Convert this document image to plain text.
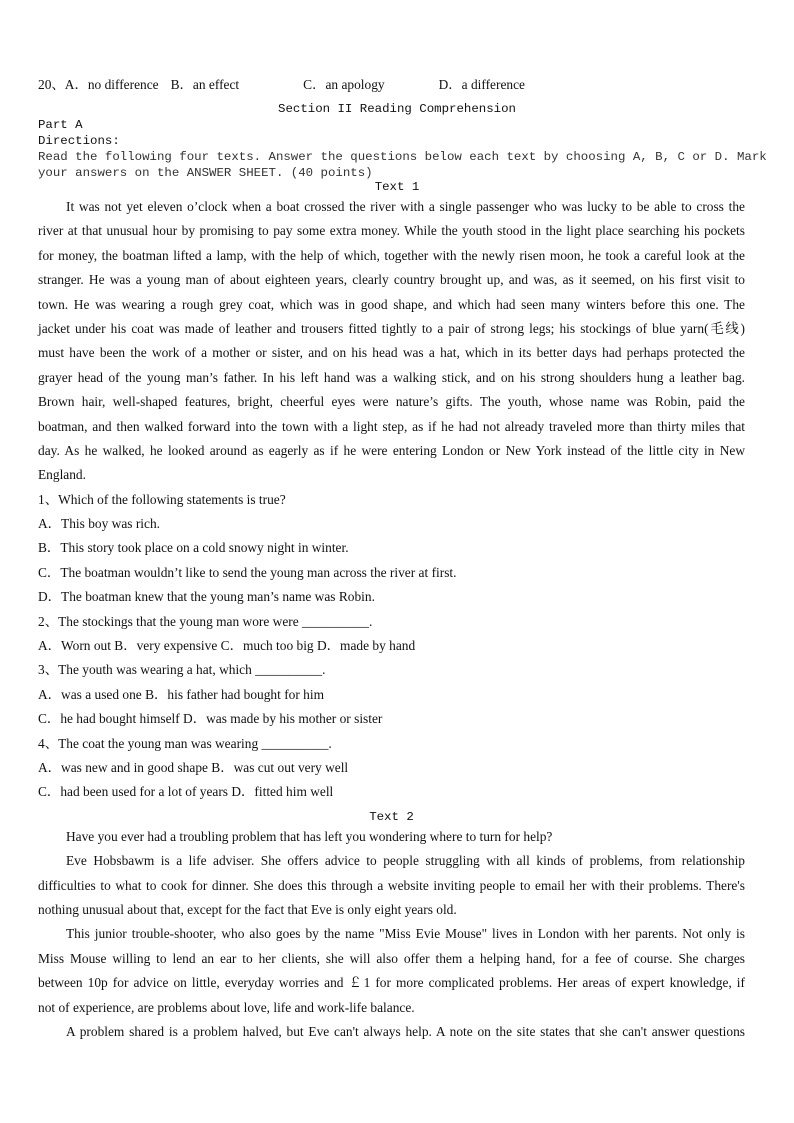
20、A．no difference B．an effect	C．an apology	D．a difference
Section II Reading Comprehension
Part A
Directions:
Read the following four texts. Answer the questions below each text by choosing A, B, C or D. Mark
your answers on the ANSWER SHEET. (40 points)
Text 1
It was not yet eleven o’clock when a boat crossed the river with a single passenger who was lucky to be able to cross the
river at that unusual hour by promising to pay some extra money. While the youth stood in the light place searching his pockets
for money, the boatman lifted a lamp, with the help of which, together with the newly risen moon, he took a careful look at the
stranger. He was a young man of about eighteen years, clearly country brought up, and was, as it seemed, on his first visit to
town. He was wearing a rough grey coat, which was in good shape, and which had seen many winters before this one. The
jacket under his coat was made of leather and trousers fitted tightly to a pair of strong legs; his stockings of blue yarn(毛线)
must have been the work of a mother or sister, and on his head was a hat, which in its better days had perhaps protected the
grayer head of the young man’s father. In his left hand was a walking stick, and on his strong shoulders hung a leather bag.
Brown hair, well-shaped features, bright, cheerful eyes were nature’s gifts. The youth, whose name was Robin, paid the
boatman, and then walked forward into the town with a light step, as if he had not already traveled more than thirty miles that
day. As he walked, he looked around as eagerly as if he were entering London or New York instead of the little city in New
England.
1、Which of the following statements is true?
A．This boy was rich.
B．This story took place on a cold snowy night in winter.
C．The boatman wouldn’t like to send the young man across the river at first.
D．The boatman knew that the young man’s name was Robin.
2、The stockings that the young man wore were __________.
A．Worn out B．very expensive C．much too big D．made by hand
3、The youth was wearing a hat, which __________.
A．was a used one B．his father had bought for him
C．he had bought himself D．was made by his mother or sister
4、The coat the young man was wearing __________.
A．was new and in good shape B．was cut out very well
C．had been used for a lot of years D．fitted him well
Text 2
Have you ever had a troubling problem that has left you wondering where to turn for help?
Eve Hobsbawm is a life adviser. She offers advice to people struggling with all kinds of problems, from relationship
difficulties to what to cook for dinner. She does this through a website inviting people to email her with their problems. There's
nothing unusual about that, except for the fact that Eve is only eight years old.
This junior trouble-shooter, who also goes by the name "Miss Evie Mouse" lives in London with her parents. Not only is
Miss Mouse willing to lend an ear to her clients, she will also offer them a helping hand, for a fee of course. She charges
between 10p for advice on little, everyday worries and ￡1 for more complicated problems. Her areas of expert knowledge, if
not of experience, are problems about love, life and work-life balance.
A problem shared is a problem halved, but Eve can't always help. A note on the site states that she can't answer questions
